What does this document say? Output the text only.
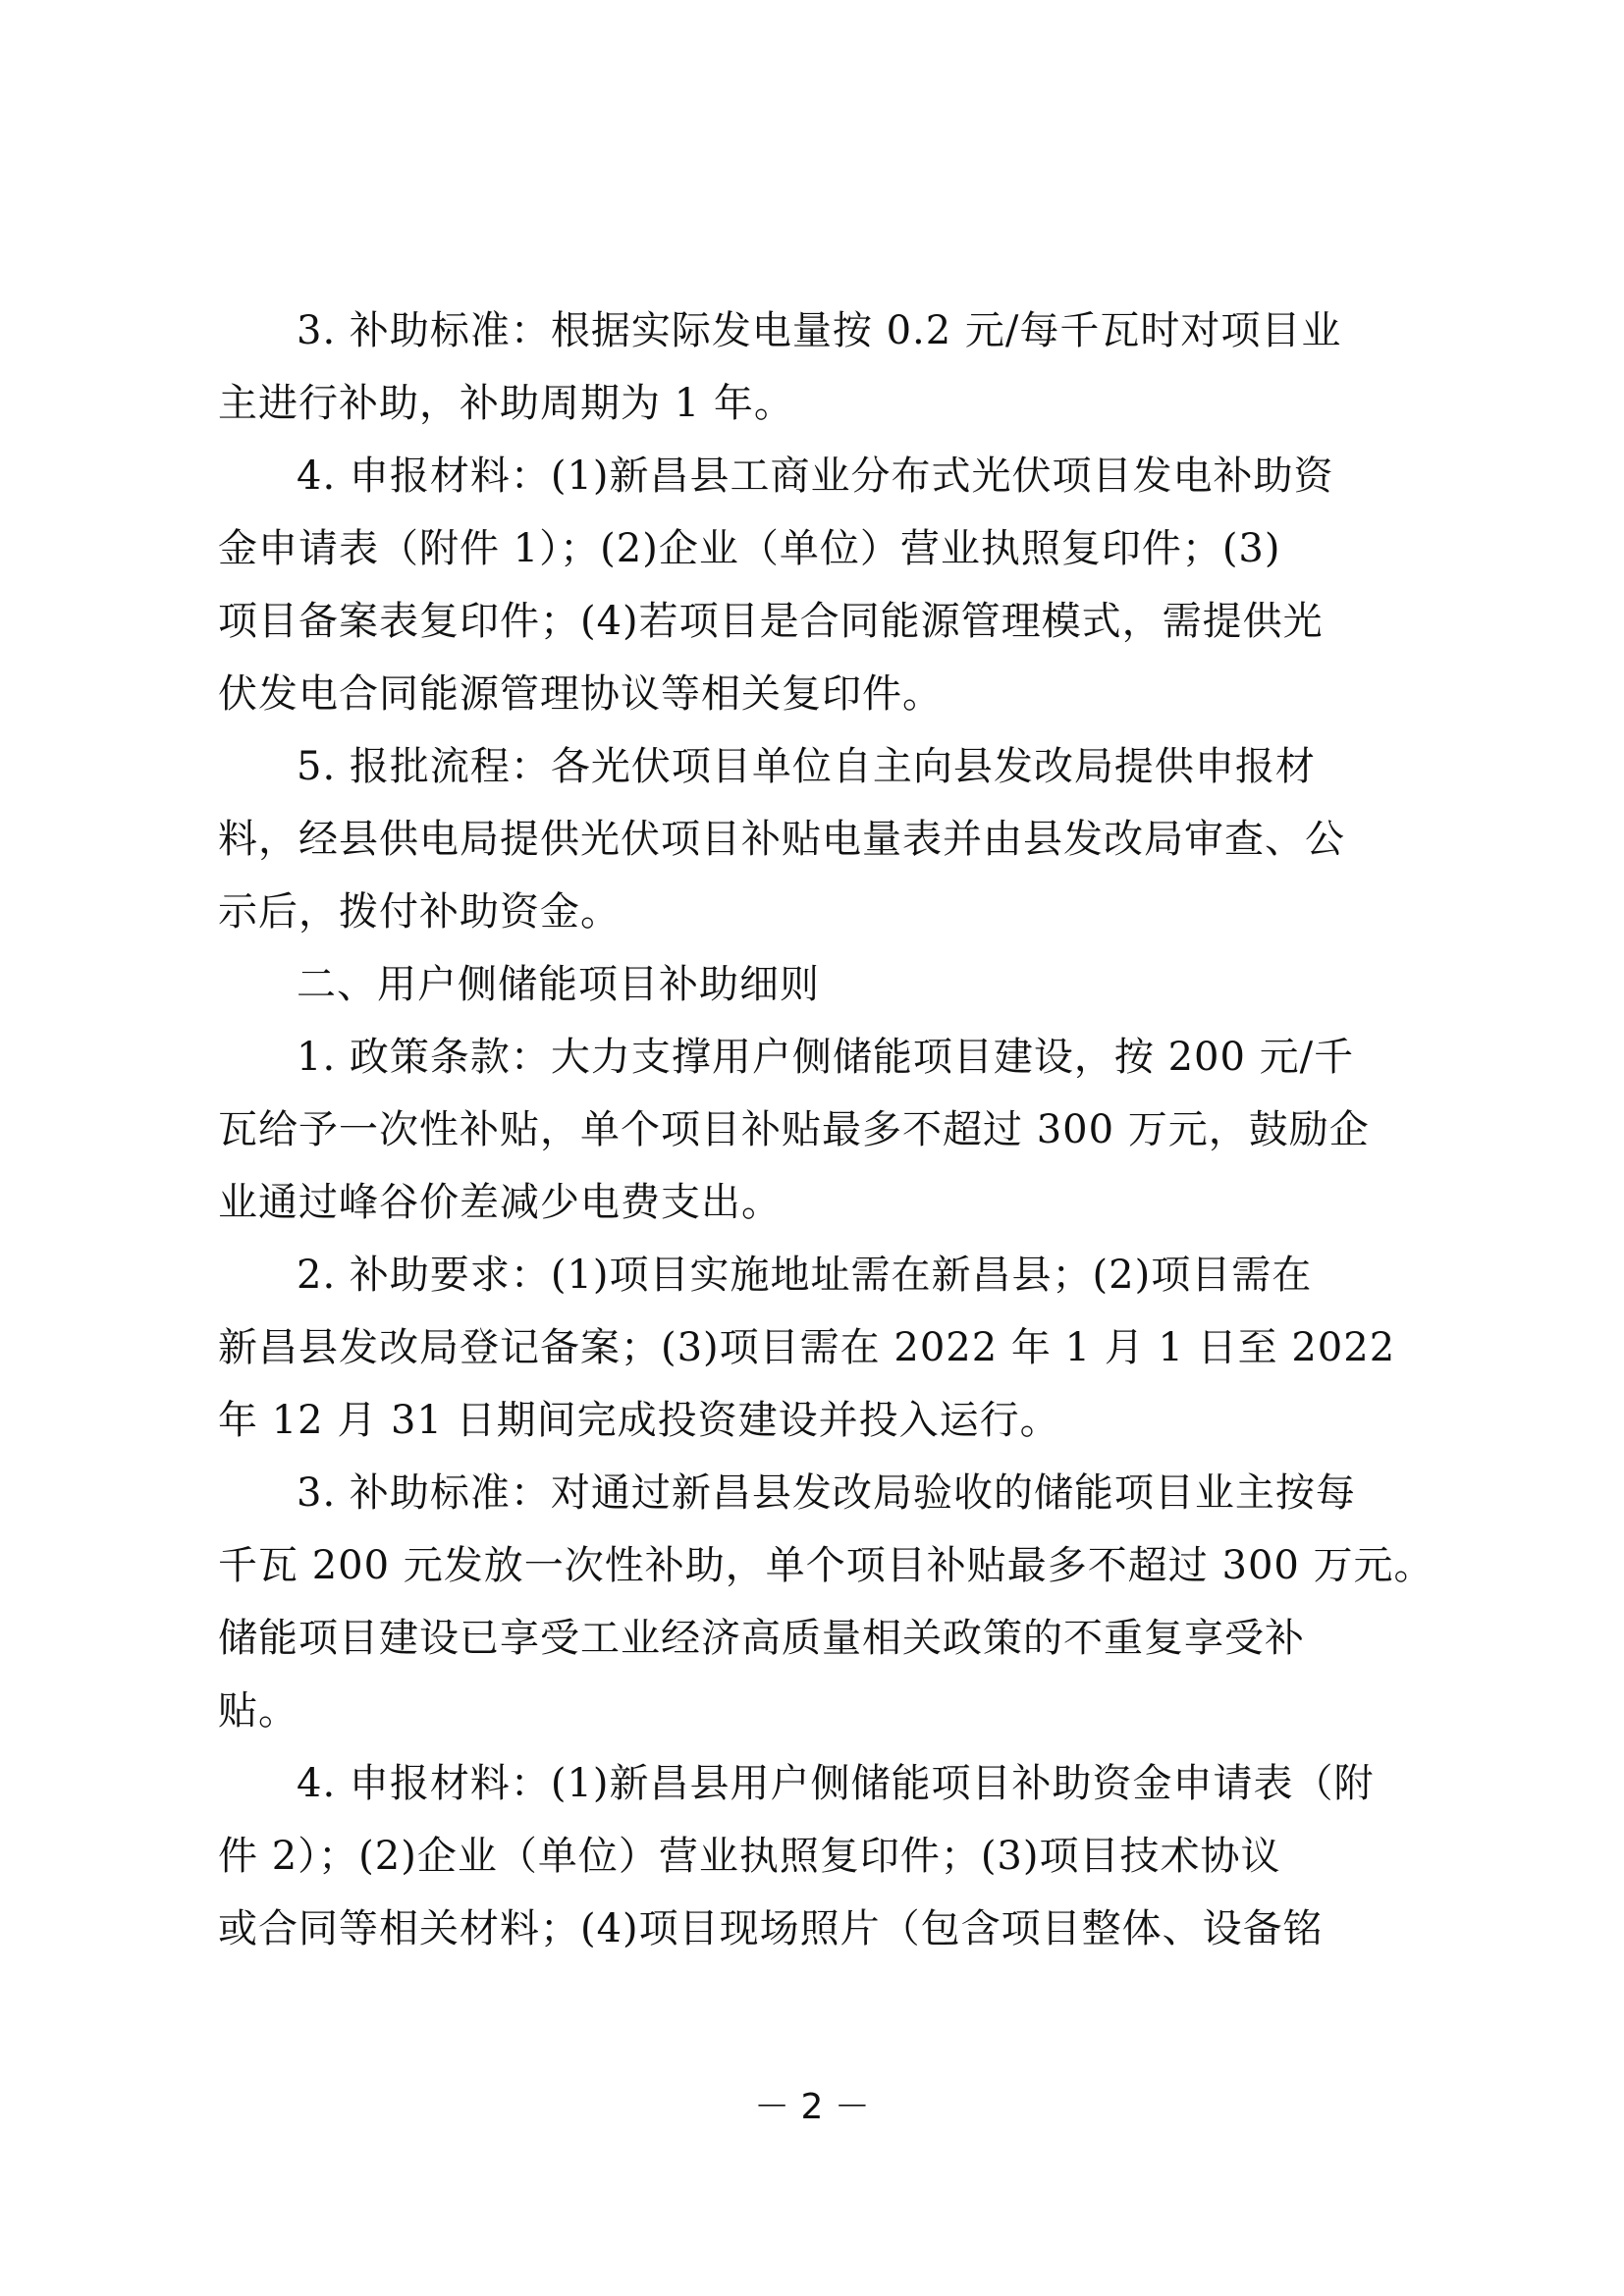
3. 补助标准：根据实际发电量按 0.2 元/每千瓦时对项目业
主进行补助，补助周期为 1 年。
4. 申报材料：(1)新昌县工商业分布式光伏项目发电补助资
金申请表（附件 1）；(2)企业（单位）营业执照复印件；(3)
项目备案表复印件；(4)若项目是合同能源管理模式，需提供光
伏发电合同能源管理协议等相关复印件。
5. 报批流程：各光伏项目单位自主向县发改局提供申报材
料，经县供电局提供光伏项目补贴电量表并由县发改局审查、公
示后，拨付补助资金。
二、用户侧储能项目补助细则
1. 政策条款：大力支撑用户侧储能项目建设，按 200 元/千
瓦给予一次性补贴，单个项目补贴最多不超过 300 万元，鼓励企
业通过峰谷价差减少电费支出。
2. 补助要求：(1)项目实施地址需在新昌县；(2)项目需在
新昌县发改局登记备案；(3)项目需在 2022 年 1 月 1 日至 2022
年 12 月 31 日期间完成投资建设并投入运行。
3. 补助标准：对通过新昌县发改局验收的储能项目业主按每
千瓦 200 元发放一次性补助，单个项目补贴最多不超过 300 万元。
储能项目建设已享受工业经济高质量相关政策的不重复享受补
贴。
4. 申报材料：(1)新昌县用户侧储能项目补助资金申请表（附
件 2）；(2)企业（单位）营业执照复印件；(3)项目技术协议
或合同等相关材料；(4)项目现场照片（包含项目整体、设备铭
－ 2 －
